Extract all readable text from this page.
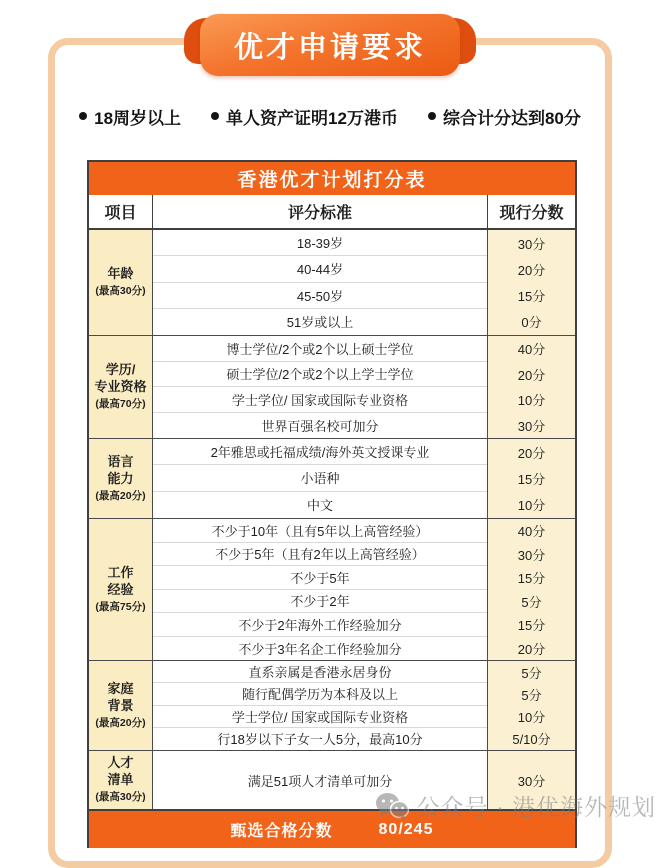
优才申请要求
18周岁以上	单人资产证明12万港币	综合计分达到80分
香港优才计划打分表
项目	评分标准	现行分数
年龄
(最高30分)
18-39岁	30分
40-44岁	20分
45-50岁	15分
51岁或以上	0分
学历/
专业资格
(最高70分)
博士学位/2个或2个以上硕士学位	40分
硕士学位/2个或2个以上学士学位	20分
学士学位/ 国家或国际专业资格	10分
世界百强名校可加分	30分
语言
能力
(最高20分)
2年雅思或托福成绩/海外英文授课专业	20分
小语种	15分
中文	10分
工作
经验
(最高75分)
不少于10年（且有5年以上高管经验）	40分
不少于5年（且有2年以上高管经验）	30分
不少于5年	15分
不少于2年	5分
不少于2年海外工作经验加分	15分
不少于3年名企工作经验加分	20分
家庭
背景
(最高20分)
直系亲属是香港永居身份	5分
随行配偶学历为本科及以上	5分
学士学位/ 国家或国际专业资格	10分
行18岁以下子女一人5分，最高10分	5/10分
人才
清单
(最高30分)
满足51项人才清单可加分	30分
甄选合格分数	80/245
公众号 · 港优海外规划
